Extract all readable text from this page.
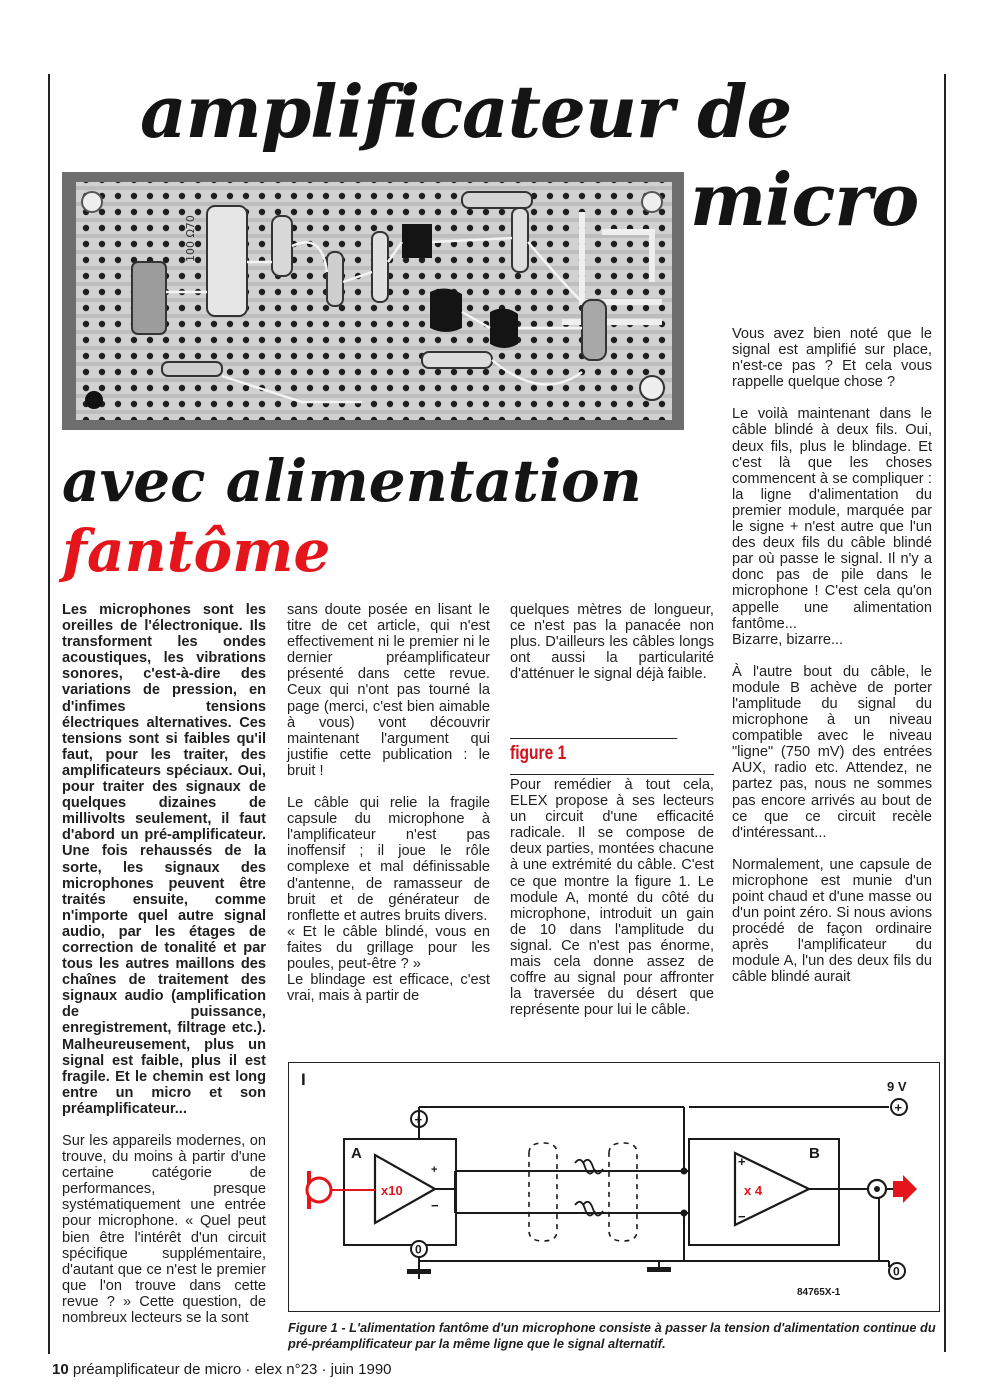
amplificateur de
micro
100 Ω70
avec alimentation
fantôme

Les microphones sont les oreilles de l'électronique. Ils transforment les ondes acoustiques, les vibrations sonores, c'est-à-dire des variations de pression, en d'infimes tensions électriques alternatives. Ces tensions sont si faibles qu'il faut, pour les traiter, des amplificateurs spéciaux. Oui, pour traiter des signaux de quelques dizaines de millivolts seulement, il faut d'abord un pré-amplificateur. Une fois rehaussés de la sorte, les signaux des microphones peuvent être traités ensuite, comme n'importe quel autre signal audio, par les étages de correction de tonalité et par tous les autres maillons des chaînes de traitement des signaux audio (amplification de puissance, enregistrement, filtrage etc.). Malheureusement, plus un signal est faible, plus il est fragile. Et le chemin est long entre un micro et son préamplificateur...

Sur les appareils modernes, on trouve, du moins à partir d'une certaine catégorie de performances, presque systématiquement une entrée pour microphone. « Quel peut bien être l'intérêt d'un circuit spécifique supplémentaire, d'autant que ce n'est le premier que l'on trouve dans cette revue ? » Cette question, de nombreux lecteurs se la sont

sans doute posée en lisant le titre de cet article, qui n'est effectivement ni le premier ni le dernier préamplificateur présenté dans cette revue. Ceux qui n'ont pas tourné la page (merci, c'est bien aimable à vous) vont découvrir maintenant l'argument qui justifie cette publication : le bruit !

Le câble qui relie la fragile capsule du microphone à l'amplificateur n'est pas inoffensif ; il joue le rôle complexe et mal définissable d'antenne, de ramasseur de bruit et de générateur de ronflette et autres bruits divers.

« Et le câble blindé, vous en faites du grillage pour les poules, peut-être ? »

Le blindage est efficace, c'est vrai, mais à partir de

quelques mètres de longueur, ce n'est pas la panacée non plus. D'ailleurs les câbles longs ont aussi la particularité d'atténuer le signal déjà faible.

figure 1

Pour remédier à tout cela, ELEX propose à ses lecteurs un circuit d'une efficacité radicale. Il se compose de deux parties, montées chacune à une extrémité du câble. C'est ce que montre la figure 1. Le module A, monté du côté du microphone, introduit un gain de 10 dans l'amplitude du signal. Ce n'est pas énorme, mais cela donne assez de coffre au signal pour affronter la traversée du désert que représente pour lui le câble.

Vous avez bien noté que le signal est amplifié sur place, n'est-ce pas ? Et cela vous rappelle quelque chose ?

Le voilà maintenant dans le câble blindé à deux fils. Oui, deux fils, plus le blindage. Et c'est là que les choses commencent à se compliquer : la ligne d'alimentation du premier module, marquée par le signe + n'est autre que l'un des deux fils du câble blindé par où passe le signal. Il n'y a donc pas de pile dans le microphone ! C'est cela qu'on appelle une alimentation fantôme...

Bizarre, bizarre...

À l'autre bout du câble, le module B achève de porter l'amplitude du signal du microphone à un niveau compatible avec le niveau "ligne" (750 mV) des entrées AUX, radio etc. Attendez, ne partez pas, nous ne sommes pas encore arrivés au bout de ce que ce circuit recèle d'intéressant...

Normalement, une capsule de microphone est munie d'un point chaud et d'une masse ou d'un point zéro. Si nous avions procédé de façon ordinaire après l'amplificateur du module A, l'un des deux fils du câble blindé aurait

I
+
A
x10
+
−
0
B
x 4
+
−
9 V
+
0
84765X-1
Figure 1 - L'alimentation fantôme d'un microphone consiste à passer la tension d'alimentation continue du pré-préamplificateur par la même ligne que le signal alternatif.
10 préamplificateur de micro · elex n°23 · juin 1990
